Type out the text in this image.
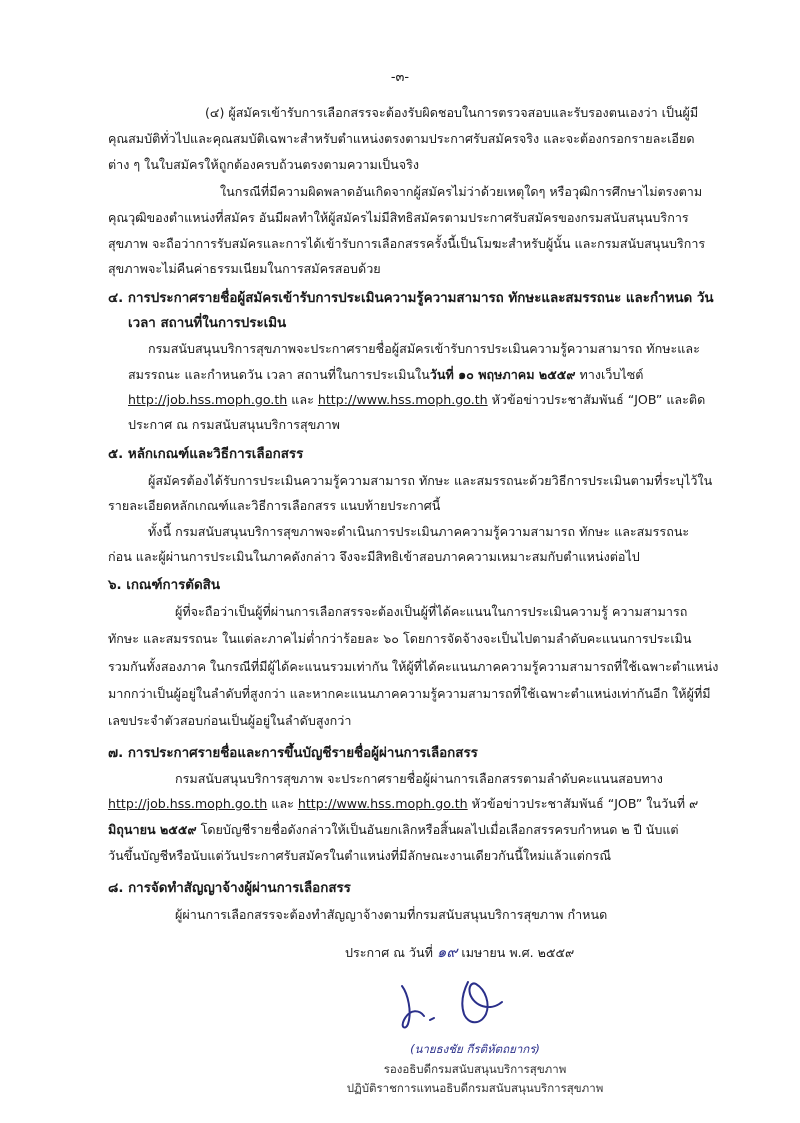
-๓-
(๔) ผู้สมัครเข้ารับการเลือกสรรจะต้องรับผิดชอบในการตรวจสอบและรับรองตนเองว่า เป็นผู้มี
คุณสมบัติทั่วไปและคุณสมบัติเฉพาะสำหรับตำแหน่งตรงตามประกาศรับสมัครจริง และจะต้องกรอกรายละเอียด
ต่าง ๆ ในใบสมัครให้ถูกต้องครบถ้วนตรงตามความเป็นจริง
ในกรณีที่มีความผิดพลาดอันเกิดจากผู้สมัครไม่ว่าด้วยเหตุใดๆ หรือวุฒิการศึกษาไม่ตรงตาม
คุณวุฒิของตำแหน่งที่สมัคร อันมีผลทำให้ผู้สมัครไม่มีสิทธิสมัครตามประกาศรับสมัครของกรมสนับสนุนบริการ
สุขภาพ จะถือว่าการรับสมัครและการได้เข้ารับการเลือกสรรครั้งนี้เป็นโมฆะสำหรับผู้นั้น และกรมสนับสนุนบริการ
สุขภาพจะไม่คืนค่าธรรมเนียมในการสมัครสอบด้วย
๔. การประกาศรายชื่อผู้สมัครเข้ารับการประเมินความรู้ความสามารถ ทักษะและสมรรถนะ และกำหนด วัน
เวลา สถานที่ในการประเมิน
กรมสนับสนุนบริการสุขภาพจะประกาศรายชื่อผู้สมัครเข้ารับการประเมินความรู้ความสามารถ ทักษะและ
สมรรถนะ และกำหนดวัน เวลา สถานที่ในการประเมินในวันที่ ๑๐ พฤษภาคม ๒๕๕๙ ทางเว็บไซต์
http://job.hss.moph.go.th และ http://www.hss.moph.go.th หัวข้อข่าวประชาสัมพันธ์ “JOB” และติด
ประกาศ ณ กรมสนับสนุนบริการสุขภาพ
๕. หลักเกณฑ์และวิธีการเลือกสรร
ผู้สมัครต้องได้รับการประเมินความรู้ความสามารถ ทักษะ และสมรรถนะด้วยวิธีการประเมินตามที่ระบุไว้ใน
รายละเอียดหลักเกณฑ์และวิธีการเลือกสรร แนบท้ายประกาศนี้
ทั้งนี้ กรมสนับสนุนบริการสุขภาพจะดำเนินการประเมินภาคความรู้ความสามารถ ทักษะ และสมรรถนะ
ก่อน และผู้ผ่านการประเมินในภาคดังกล่าว จึงจะมีสิทธิเข้าสอบภาคความเหมาะสมกับตำแหน่งต่อไป
๖. เกณฑ์การตัดสิน
ผู้ที่จะถือว่าเป็นผู้ที่ผ่านการเลือกสรรจะต้องเป็นผู้ที่ได้คะแนนในการประเมินความรู้ ความสามารถ
ทักษะ และสมรรถนะ ในแต่ละภาคไม่ต่ำกว่าร้อยละ ๖๐ โดยการจัดจ้างจะเป็นไปตามลำดับคะแนนการประเมิน
รวมกันทั้งสองภาค ในกรณีที่มีผู้ได้คะแนนรวมเท่ากัน ให้ผู้ที่ได้คะแนนภาคความรู้ความสามารถที่ใช้เฉพาะตำแหน่ง
มากกว่าเป็นผู้อยู่ในลำดับที่สูงกว่า และหากคะแนนภาคความรู้ความสามารถที่ใช้เฉพาะตำแหน่งเท่ากันอีก ให้ผู้ที่มี
เลขประจำตัวสอบก่อนเป็นผู้อยู่ในลำดับสูงกว่า
๗. การประกาศรายชื่อและการขึ้นบัญชีรายชื่อผู้ผ่านการเลือกสรร
กรมสนับสนุนบริการสุขภาพ จะประกาศรายชื่อผู้ผ่านการเลือกสรรตามลำดับคะแนนสอบทาง
http://job.hss.moph.go.th และ http://www.hss.moph.go.th หัวข้อข่าวประชาสัมพันธ์ “JOB” ในวันที่ ๙
มิถุนายน ๒๕๕๙ โดยบัญชีรายชื่อดังกล่าวให้เป็นอันยกเลิกหรือสิ้นผลไปเมื่อเลือกสรรครบกำหนด ๒ ปี นับแต่
วันขึ้นบัญชีหรือนับแต่วันประกาศรับสมัครในตำแหน่งที่มีลักษณะงานเดียวกันนี้ใหม่แล้วแต่กรณี
๘. การจัดทำสัญญาจ้างผู้ผ่านการเลือกสรร
ผู้ผ่านการเลือกสรรจะต้องทำสัญญาจ้างตามที่กรมสนับสนุนบริการสุขภาพ กำหนด
ประกาศ ณ วันที่ ๑๙ เมษายน พ.ศ. ๒๕๕๙
(นายธงชัย กีรติหัตถยากร)
รองอธิบดีกรมสนับสนุนบริการสุขภาพ
ปฏิบัติราชการแทนอธิบดีกรมสนับสนุนบริการสุขภาพ
